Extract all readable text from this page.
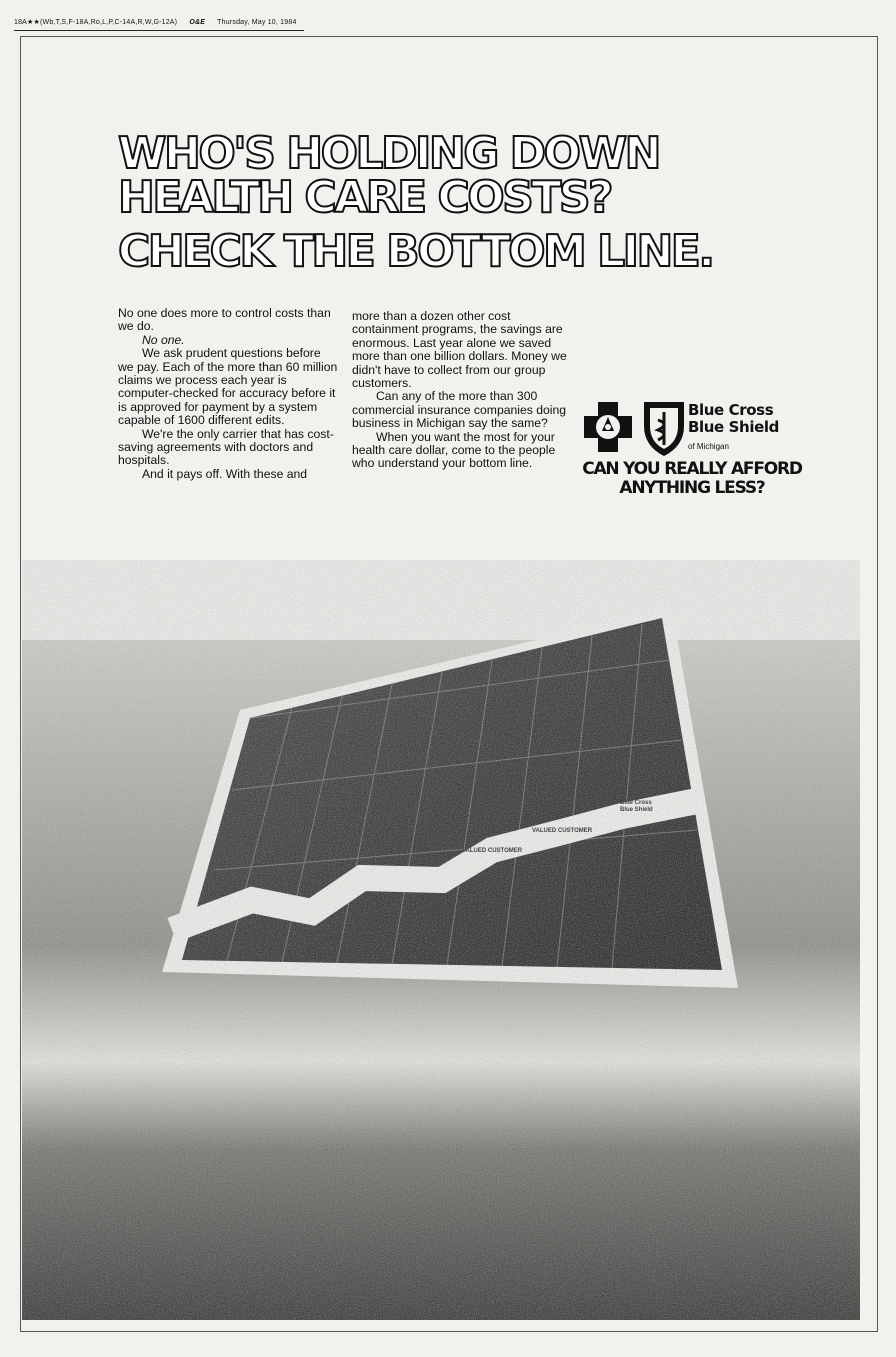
18A★★(Wb,T,S,F-18A,Ro,L,P,C-14A,R,W,G-12A) O&E Thursday, May 10, 1984
WHO'S HOLDING DOWN
HEALTH CARE COSTS?
CHECK THE BOTTOM LINE.

No one does more to control costs than we do.

No one.

We ask prudent questions before we pay. Each of the more than 60 million claims we process each year is computer-checked for accuracy before it is approved for payment by a system capable of 1600 different edits.

We're the only carrier that has cost-saving agreements with doctors and hospitals.

And it pays off. With these and

more than a dozen other cost containment programs, the savings are enormous. Last year alone we saved more than one billion dollars. Money we didn't have to collect from our group customers.

Can any of the more than 300 commercial insurance companies doing business in Michigan say the same?

When you want the most for your health care dollar, come to the people who understand your bottom line.

Blue Cross
Blue Shield
of Michigan
CAN YOU REALLY AFFORD
ANYTHING LESS?
